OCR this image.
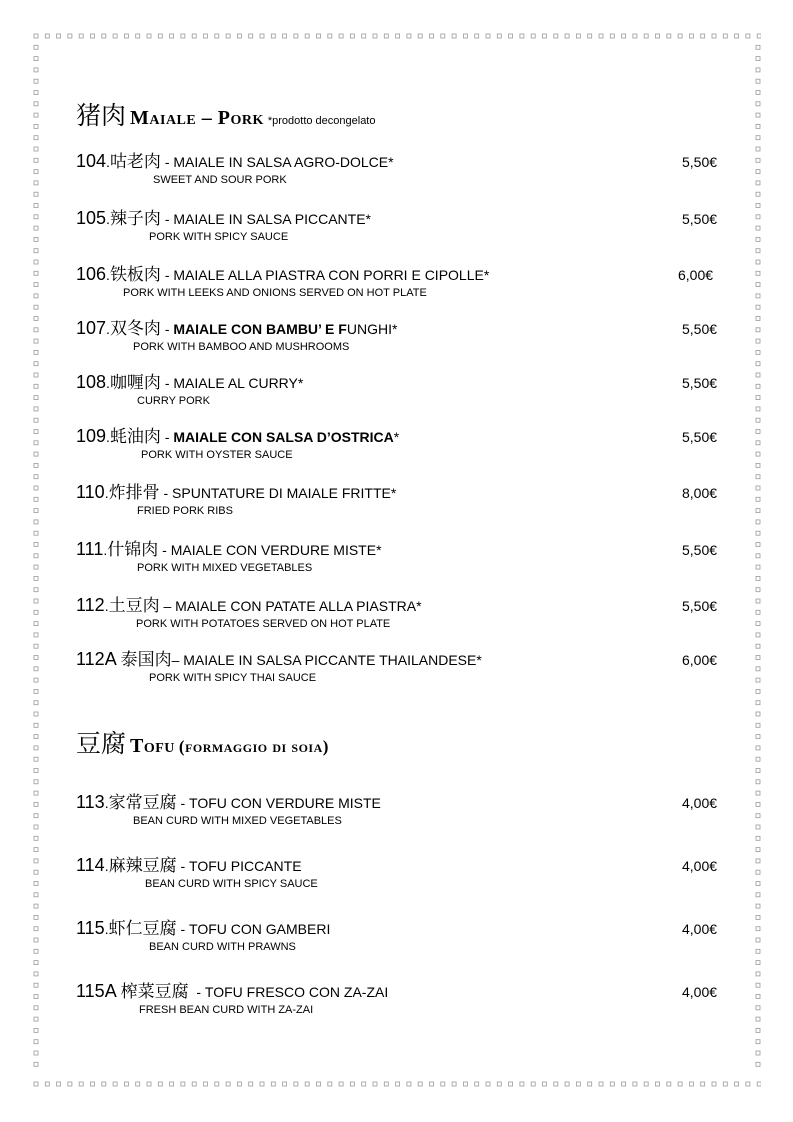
猪肉 Maiale – Pork *prodotto decongelato
104.咕老肉 - MAIALE IN SALSA AGRO-DOLCE*
SWEET AND SOUR PORK
5,50€
105.辣子肉 - MAIALE IN SALSA PICCANTE*
PORK WITH SPICY SAUCE
5,50€
106.铁板肉 - MAIALE ALLA PIASTRA CON PORRI E CIPOLLE*
PORK WITH LEEKS AND ONIONS SERVED ON HOT PLATE
6,00€
107.双冬肉 - MAIALE CON BAMBU’ E FUNGHI*
PORK WITH BAMBOO AND MUSHROOMS
5,50€
108.咖喱肉 - MAIALE AL CURRY*
CURRY PORK
5,50€
109.蚝油肉 - MAIALE CON SALSA D’OSTRICA*
PORK WITH OYSTER SAUCE
5,50€
110.炸排骨 - SPUNTATURE DI MAIALE FRITTE*
FRIED PORK RIBS
8,00€
111.什锦肉 - MAIALE CON VERDURE MISTE*
PORK WITH MIXED VEGETABLES
5,50€
112.土豆肉 – MAIALE CON PATATE ALLA PIASTRA*
PORK WITH POTATOES SERVED ON HOT PLATE
5,50€
112A 泰国肉– MAIALE IN SALSA PICCANTE THAILANDESE*
PORK WITH SPICY THAI SAUCE
6,00€
豆腐 Tofu (formaggio di soia)
113.家常豆腐 - TOFU CON VERDURE MISTE
BEAN CURD WITH MIXED VEGETABLES
4,00€
114.麻辣豆腐 - TOFU PICCANTE
BEAN CURD WITH SPICY SAUCE
4,00€
115.虾仁豆腐 - TOFU CON GAMBERI
BEAN CURD WITH PRAWNS
4,00€
115A 榨菜豆腐  - TOFU FRESCO CON ZA-ZAI
FRESH BEAN CURD WITH ZA-ZAI
4,00€
